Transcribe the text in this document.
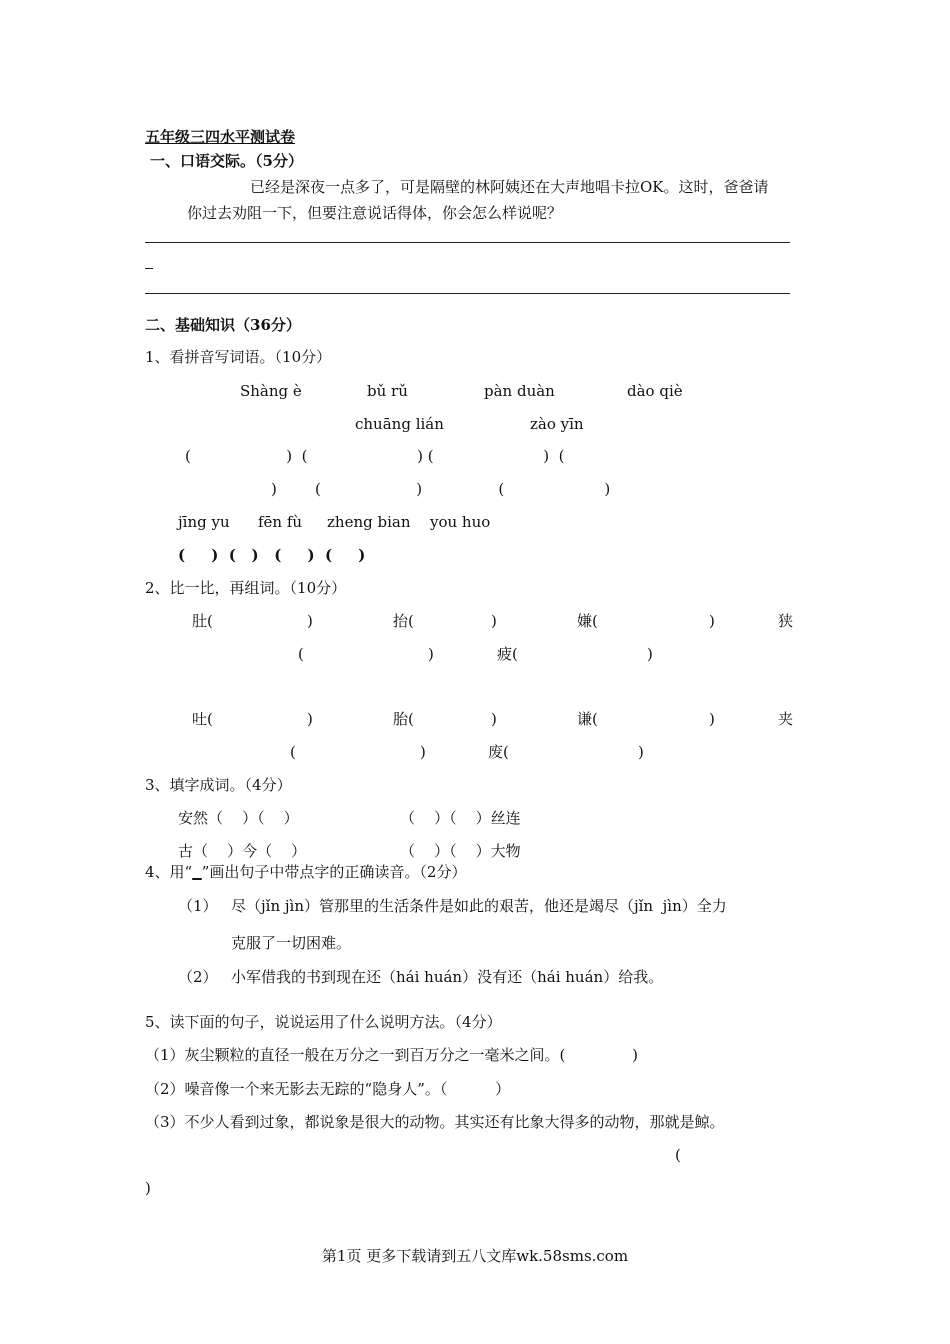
五年级三四水平测试卷
一、口语交际。（5分）
已经是深夜一点多了，可是隔壁的林阿姨还在大声地唱卡拉OK。这时，爸爸请
你过去劝阻一下，但要注意说话得体，你会怎么样说呢？
二、基础知识（36分）
1、看拼音写词语。（10分）
Shàng è	bǔ rǔ	pàn duàn	dào qiè
chuāng lián	zào yīn
(                    )  (                       ) (                       )  (
)        (                    )                (                     )
jīng yu fēn fù zheng bian you huo
(     )  (   )   (     )  (     )
2、比一比，再组词。（10分）
肚(	)	抬(	)	嫌(	)	狭
(	)	疲(	)
吐(	)	胎(	)	谦(	)	夹
(	)	废(	)
3、填字成词。（4分）
安然（    ）（    ）	（    ）（    ）丝连
古（    ）今（    ）	（    ）（    ）大物
4、用“ ”画出句子中带点字的正确读音。（2分）
（1） 尽（jǐn jìn）管那里的生活条件是如此的艰苦，他还是竭尽（jǐn  jìn）全力
克服了一切困难。
（2） 小军借我的书到现在还（hái huán）没有还（hái huán）给我。
5、读下面的句子，说说运用了什么说明方法。（4分）
（1）灰尘颗粒的直径一般在万分之一到百万分之一毫米之间。(              )
（2）噪音像一个来无影去无踪的“隐身人”。（          ）
（3）不少人看到过象，都说象是很大的动物。其实还有比象大得多的动物，那就是鲸。
(
)
第1页 更多下载请到五八文库wk.58sms.com
